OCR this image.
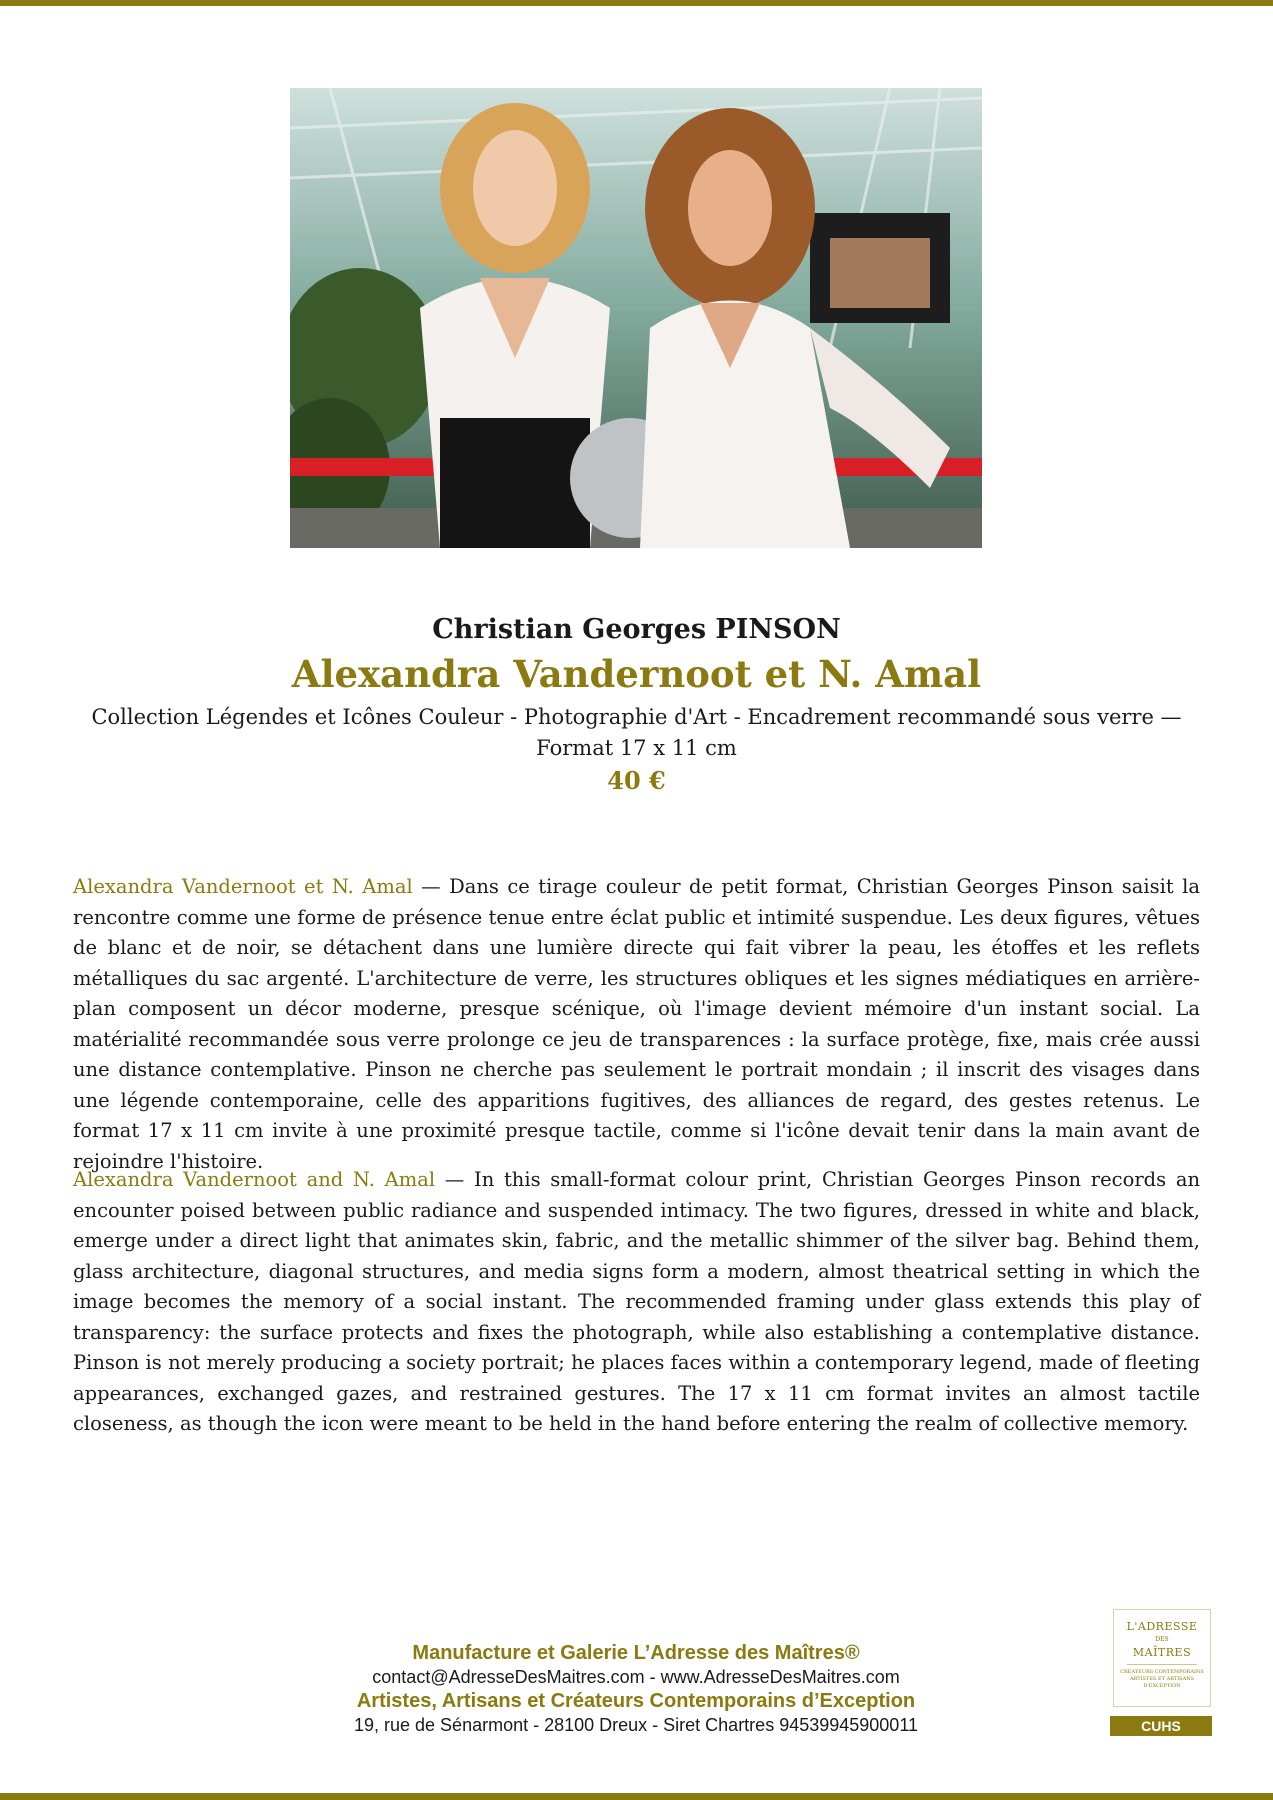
Christian Georges PINSON
Alexandra Vandernoot et N. Amal
Collection Légendes et Icônes Couleur - Photographie d'Art - Encadrement recommandé sous verre — Format 17 x 11 cm
40 €

Alexandra Vandernoot et N. Amal — Dans ce tirage couleur de petit format, Christian Georges Pinson saisit la rencontre comme une forme de présence tenue entre éclat public et intimité suspendue. Les deux figures, vêtues de blanc et de noir, se détachent dans une lumière directe qui fait vibrer la peau, les étoffes et les reflets métalliques du sac argenté. L'architecture de verre, les structures obliques et les signes médiatiques en arrière-plan composent un décor moderne, presque scénique, où l'image devient mémoire d'un instant social. La matérialité recommandée sous verre prolonge ce jeu de transparences : la surface protège, fixe, mais crée aussi une distance contemplative. Pinson ne cherche pas seulement le portrait mondain ; il inscrit des visages dans une légende contemporaine, celle des apparitions fugitives, des alliances de regard, des gestes retenus. Le format 17 x 11 cm invite à une proximité presque tactile, comme si l'icône devait tenir dans la main avant de rejoindre l'histoire.

Alexandra Vandernoot and N. Amal — In this small-format colour print, Christian Georges Pinson records an encounter poised between public radiance and suspended intimacy. The two figures, dressed in white and black, emerge under a direct light that animates skin, fabric, and the metallic shimmer of the silver bag. Behind them, glass architecture, diagonal structures, and media signs form a modern, almost theatrical setting in which the image becomes the memory of a social instant. The recommended framing under glass extends this play of transparency: the surface protects and fixes the photograph, while also establishing a contemplative distance. Pinson is not merely producing a society portrait; he places faces within a contemporary legend, made of fleeting appearances, exchanged gazes, and restrained gestures. The 17 x 11 cm format invites an almost tactile closeness, as though the icon were meant to be held in the hand before entering the realm of collective memory.

Manufacture et Galerie L’Adresse des Maîtres®
contact@AdresseDesMaitres.com - www.AdresseDesMaitres.com
Artistes, Artisans et Créateurs Contemporains d’Exception
19, rue de Sénarmont - 28100 Dreux - Siret Chartres 94539945900011
L'ADRESSE
DES
MAÎTRES
CRÉATEURS CONTEMPORAINS ARTISTES ET ARTISANS D'EXCEPTION
CUHS
